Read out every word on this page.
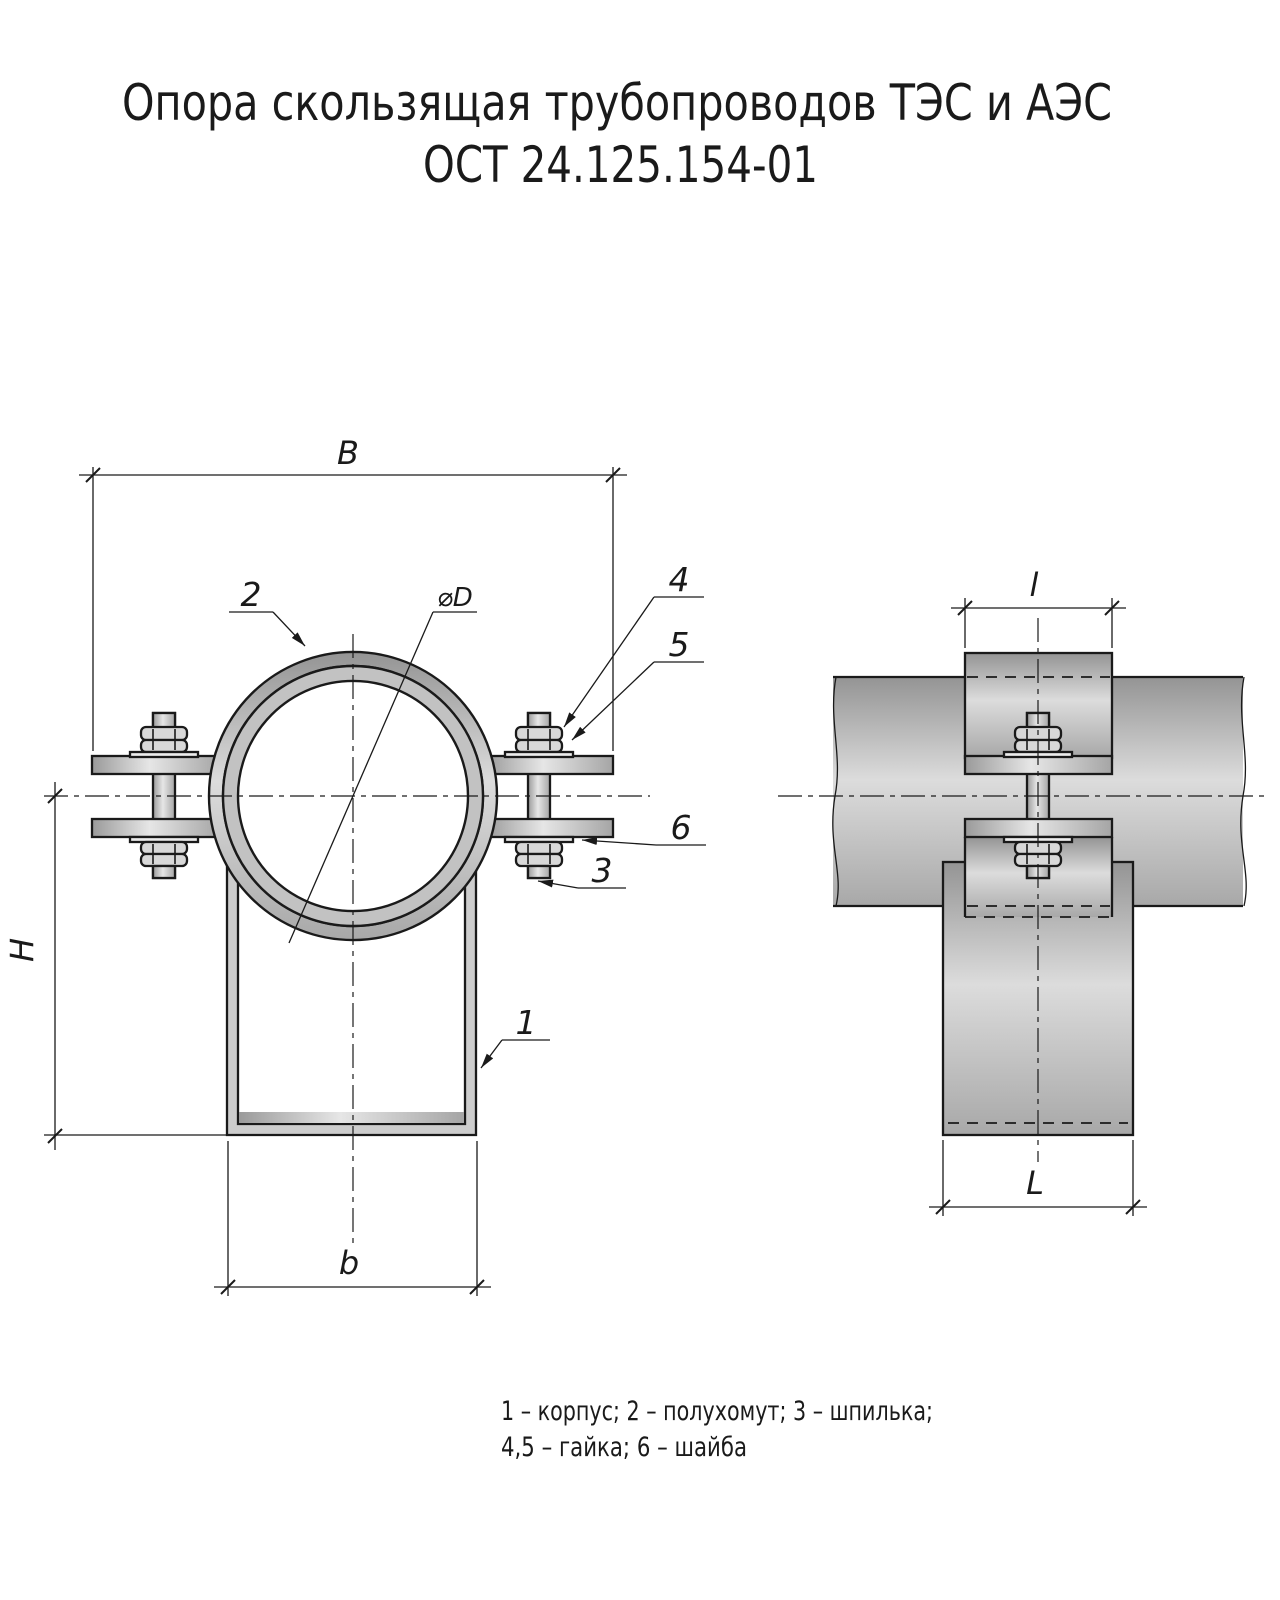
Опора скользящая трубопроводов ТЭС и АЭС
ОСТ 24.125.154-01
B
H
b
⌀D
2	4
5
6
3
1
l
L
1 – корпус; 2 – полухомут; 3 – шпилька;
4,5 – гайка; 6 – шайба
